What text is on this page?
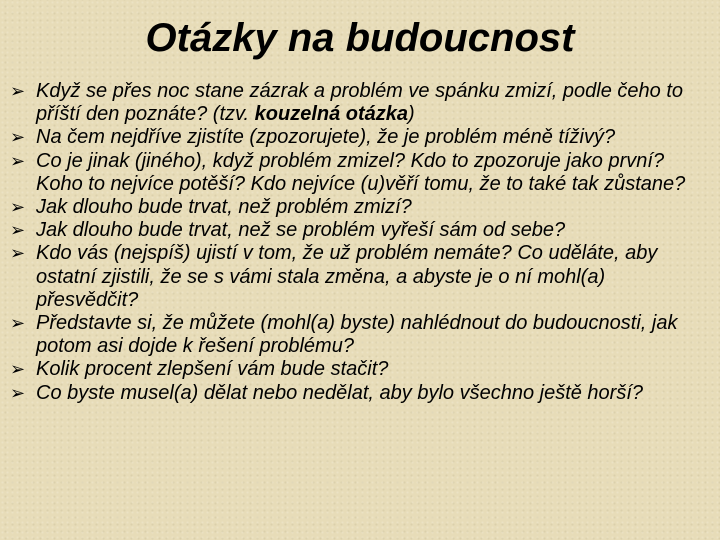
Otázky na budoucnost
➢ Když se přes noc stane zázrak a problém ve spánku zmizí, podle čeho to příští den poznáte? (tzv. kouzelná otázka)
➢ Na čem nejdříve zjistíte (zpozorujete), že je problém méně tíživý?
➢ Co je jinak (jiného), když problém zmizel? Kdo to zpozoruje jako první? Koho to nejvíce potěší? Kdo nejvíce (u)věří tomu, že to také tak zůstane?
➢ Jak dlouho bude trvat, než problém zmizí?
➢ Jak dlouho bude trvat, než se problém vyřeší sám od sebe?
➢ Kdo vás (nejspíš) ujistí v tom, že už problém nemáte? Co uděláte, aby ostatní zjistili, že se s vámi stala změna, a abyste je o ní mohl(a) přesvědčit?
➢ Představte si, že můžete (mohl(a) byste) nahlédnout do budoucnosti, jak potom asi dojde k řešení problému?
➢ Kolik procent zlepšení vám bude stačit?
➢ Co byste musel(a) dělat nebo nedělat, aby bylo všechno ještě horší?
